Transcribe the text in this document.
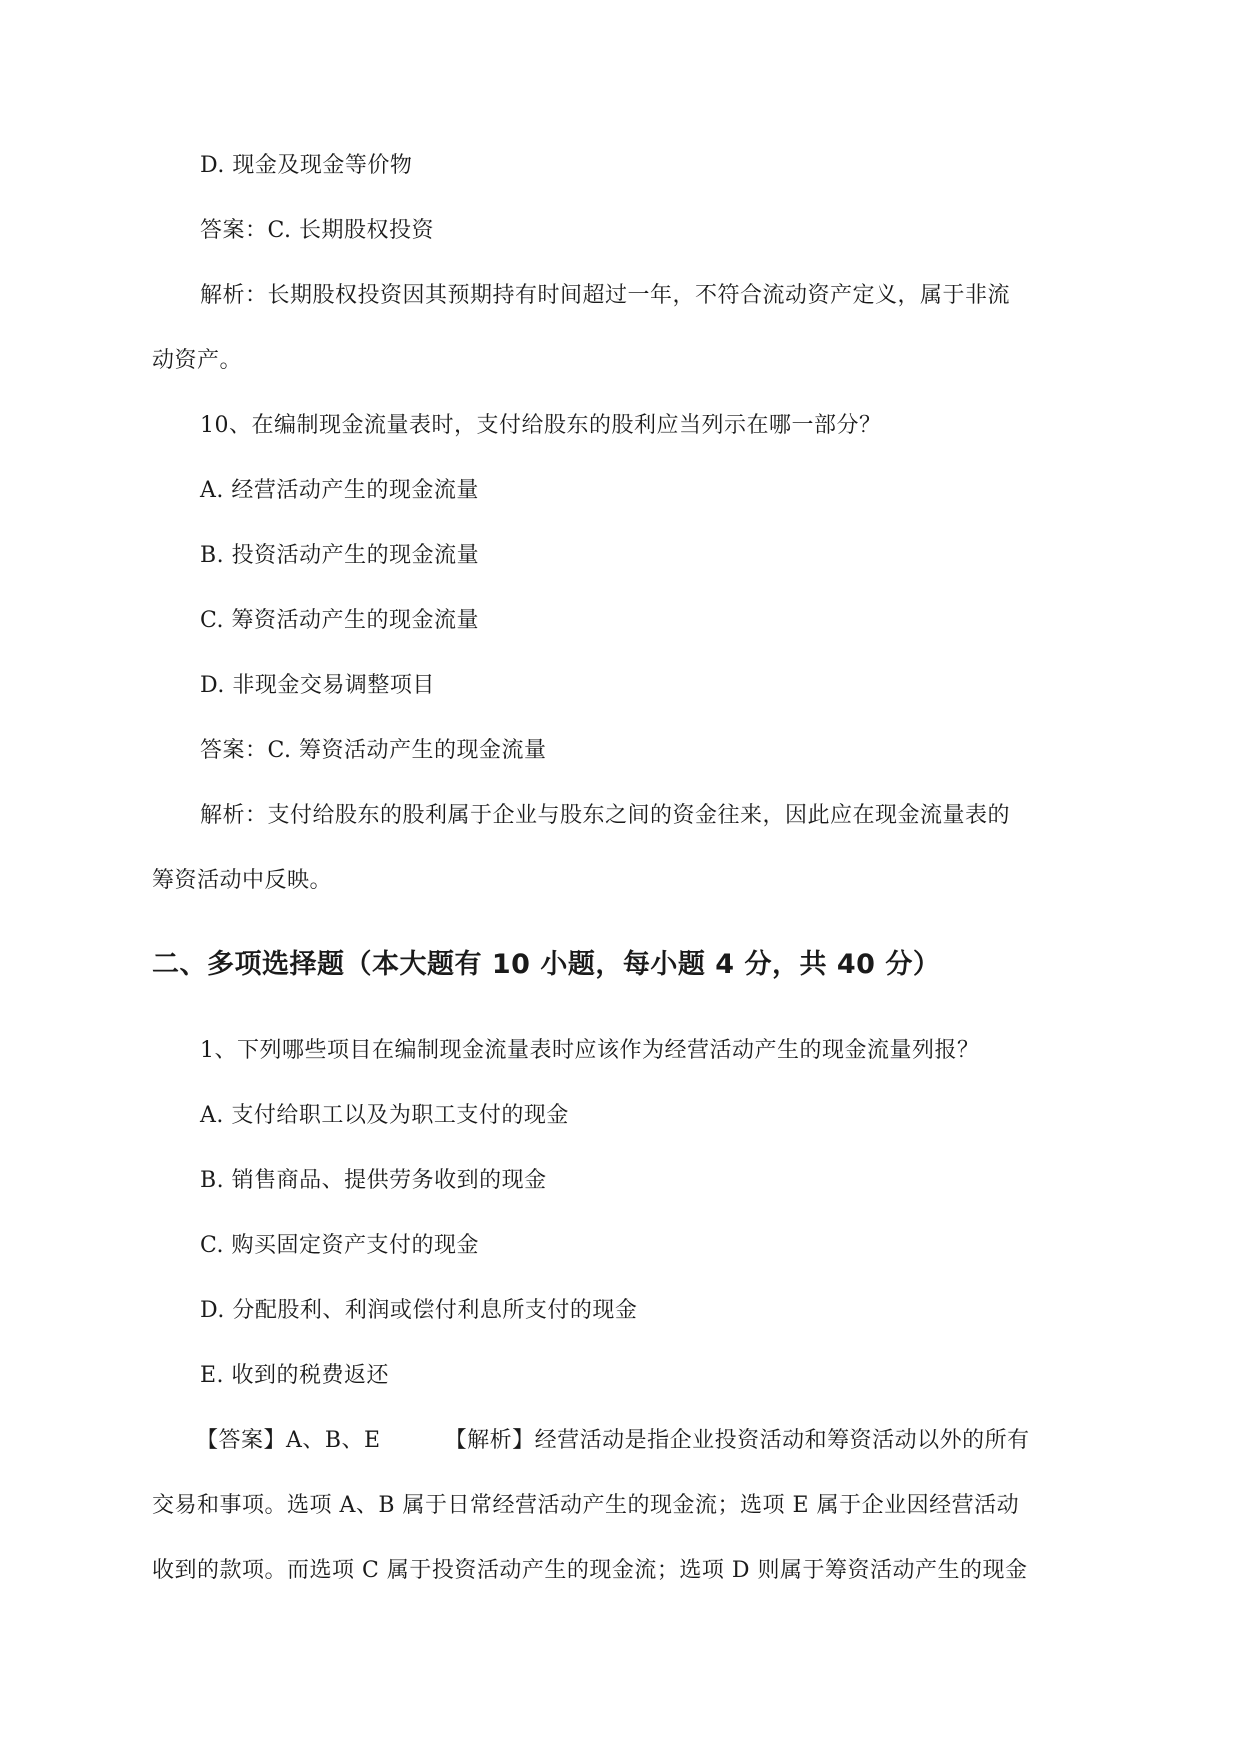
D. 现金及现金等价物
答案：C. 长期股权投资
解析：长期股权投资因其预期持有时间超过一年，不符合流动资产定义，属于非流
动资产。
10、在编制现金流量表时，支付给股东的股利应当列示在哪一部分？
A. 经营活动产生的现金流量
B. 投资活动产生的现金流量
C. 筹资活动产生的现金流量
D. 非现金交易调整项目
答案：C. 筹资活动产生的现金流量
解析：支付给股东的股利属于企业与股东之间的资金往来，因此应在现金流量表的
筹资活动中反映。
二、多项选择题（本大题有 10 小题，每小题 4 分，共 40 分）
1、下列哪些项目在编制现金流量表时应该作为经营活动产生的现金流量列报？
A. 支付给职工以及为职工支付的现金
B. 销售商品、提供劳务收到的现金
C. 购买固定资产支付的现金
D. 分配股利、利润或偿付利息所支付的现金
E. 收到的税费返还
【答案】A、B、E	【解析】经营活动是指企业投资活动和筹资活动以外的所有
交易和事项。选项 A、B 属于日常经营活动产生的现金流；选项 E 属于企业因经营活动
收到的款项。而选项 C 属于投资活动产生的现金流；选项 D 则属于筹资活动产生的现金
